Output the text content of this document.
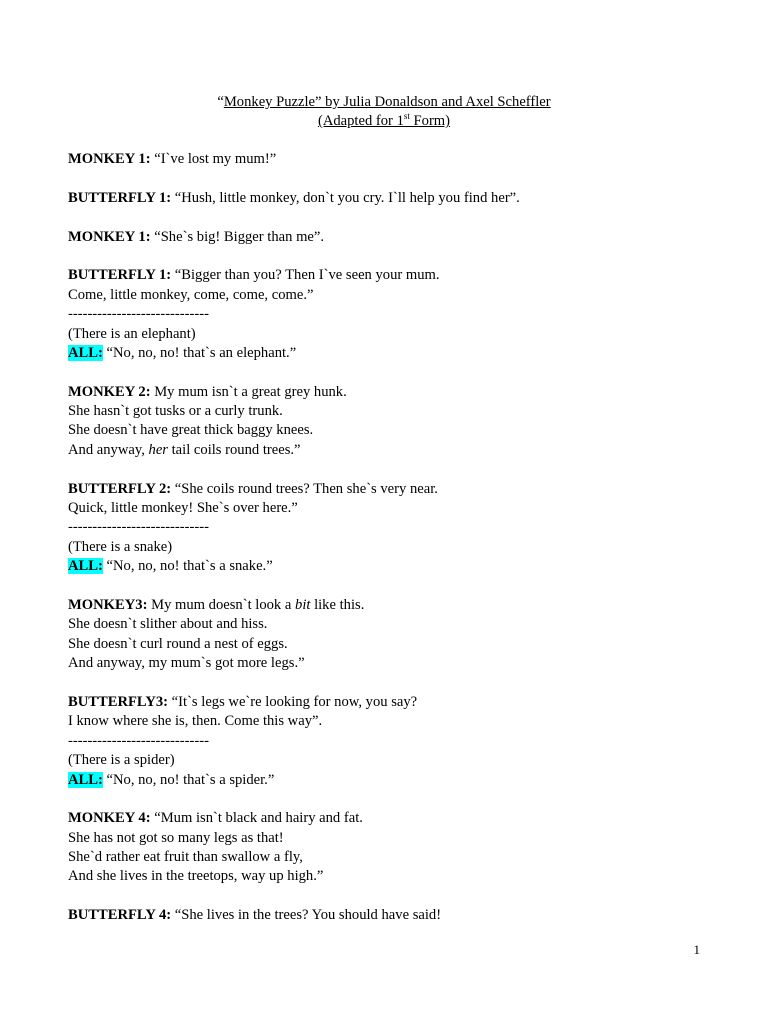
“Monkey Puzzle” by Julia Donaldson and Axel Scheffler
(Adapted for 1st Form)
MONKEY 1: “I`ve lost my mum!”
BUTTERFLY 1: “Hush, little monkey, don`t you cry. I`ll help you find her”.
MONKEY 1: “She`s big! Bigger than me”.
BUTTERFLY 1: “Bigger than you? Then I`ve seen your mum.
Come, little monkey, come, come, come.”
-----------------------------
(There is an elephant)
ALL: “No, no, no! that`s an elephant.”
MONKEY 2: My mum isn`t a great grey hunk.
She hasn`t got tusks or a curly trunk.
She doesn`t have great thick baggy knees.
And anyway, her tail coils round trees.”
BUTTERFLY 2: “She coils round trees? Then she`s very near.
Quick, little monkey! She`s over here.”
-----------------------------
(There is a snake)
ALL: “No, no, no! that`s a snake.”
MONKEY3: My mum doesn`t look a bit like this.
She doesn`t slither about and hiss.
She doesn`t curl round a nest of eggs.
And anyway, my mum`s got more legs.”
BUTTERFLY3: “It`s legs we`re looking for now, you say?
I know where she is, then. Come this way”.
-----------------------------
(There is a spider)
ALL: “No, no, no! that`s a spider.”
MONKEY 4: “Mum isn`t black and hairy and fat.
She has not got so many legs as that!
She`d rather eat fruit than swallow a fly,
And she lives in the treetops, way up high.”
BUTTERFLY 4: “She lives in the trees? You should have said!
1
